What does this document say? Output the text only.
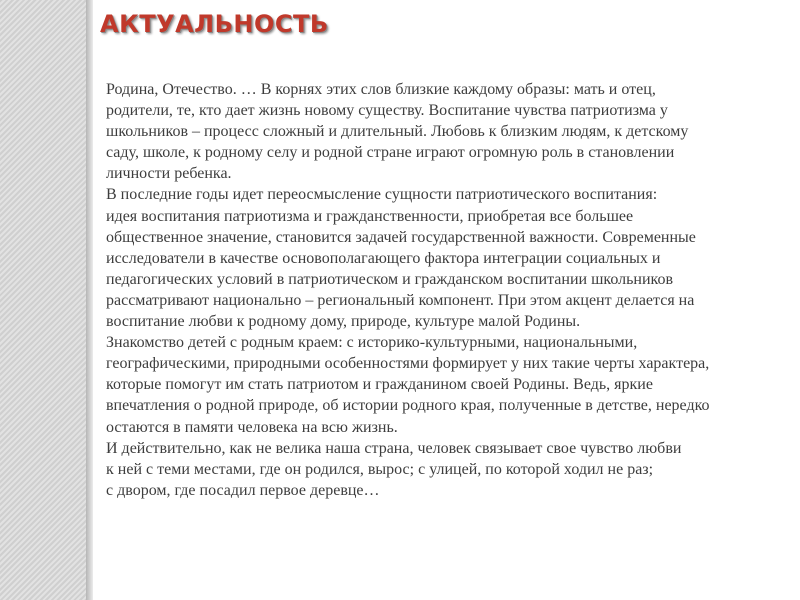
АКТУАЛЬНОСТЬ

Родина, Отечество. … В корнях этих слов близкие каждому образы: мать и отец,
родители, те, кто дает жизнь новому существу. Воспитание чувства патриотизма у
школьников – процесс сложный и длительный. Любовь к близким людям, к детскому
саду, школе, к родному селу и родной стране играют огромную роль в становлении
личности ребенка.

В последние годы идет переосмысление сущности патриотического воспитания:
идея воспитания патриотизма и гражданственности, приобретая все большее
общественное значение, становится задачей государственной важности. Современные
исследователи в качестве основополагающего фактора интеграции социальных и
педагогических условий в патриотическом и гражданском воспитании школьников
рассматривают национально – региональный компонент. При этом акцент делается на
воспитание любви к родному дому, природе, культуре малой Родины.

Знакомство детей с родным краем: с историко-культурными, национальными,
географическими, природными особенностями формирует у них такие черты характера,
которые помогут им стать патриотом и гражданином своей Родины. Ведь, яркие
впечатления о родной природе, об истории родного края, полученные в детстве, нередко
остаются в памяти человека на всю жизнь.

И действительно, как не велика наша страна, человек связывает свое чувство любви
к ней с теми местами, где он родился, вырос; с улицей, по которой ходил не раз;
с двором, где посадил первое деревце…
